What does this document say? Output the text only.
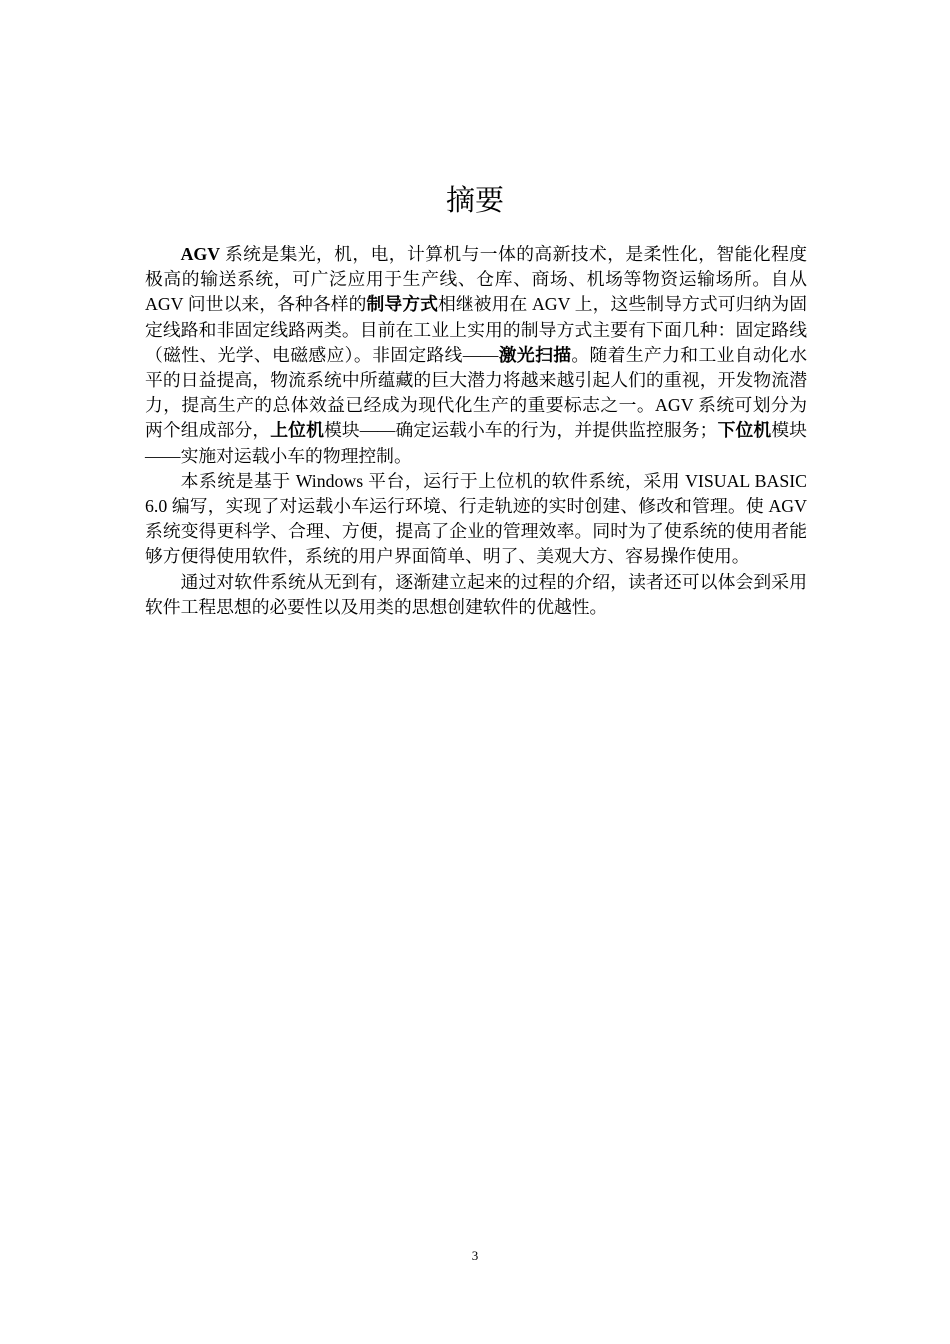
摘要

AGV 系统是集光，机，电，计算机与一体的高新技术，是柔性化，智能化程度极高的输送系统，可广泛应用于生产线、仓库、商场、机场等物资运输场所。自从 AGV 问世以来，各种各样的制导方式相继被用在 AGV 上，这些制导方式可归纳为固定线路和非固定线路两类。目前在工业上实用的制导方式主要有下面几种：固定路线（磁性、光学、电磁感应）。非固定路线——激光扫描。随着生产力和工业自动化水平的日益提高，物流系统中所蕴藏的巨大潜力将越来越引起人们的重视，开发物流潜力，提高生产的总体效益已经成为现代化生产的重要标志之一。AGV 系统可划分为两个组成部分，上位机模块——确定运载小车的行为，并提供监控服务；下位机模块——实施对运载小车的物理控制。

本系统是基于 Windows 平台，运行于上位机的软件系统，采用 VISUAL BASIC 6.0 编写，实现了对运载小车运行环境、行走轨迹的实时创建、修改和管理。使 AGV 系统变得更科学、合理、方便，提高了企业的管理效率。同时为了使系统的使用者能够方便得使用软件，系统的用户界面简单、明了、美观大方、容易操作使用。

通过对软件系统从无到有，逐渐建立起来的过程的介绍，读者还可以体会到采用软件工程思想的必要性以及用类的思想创建软件的优越性。

3
